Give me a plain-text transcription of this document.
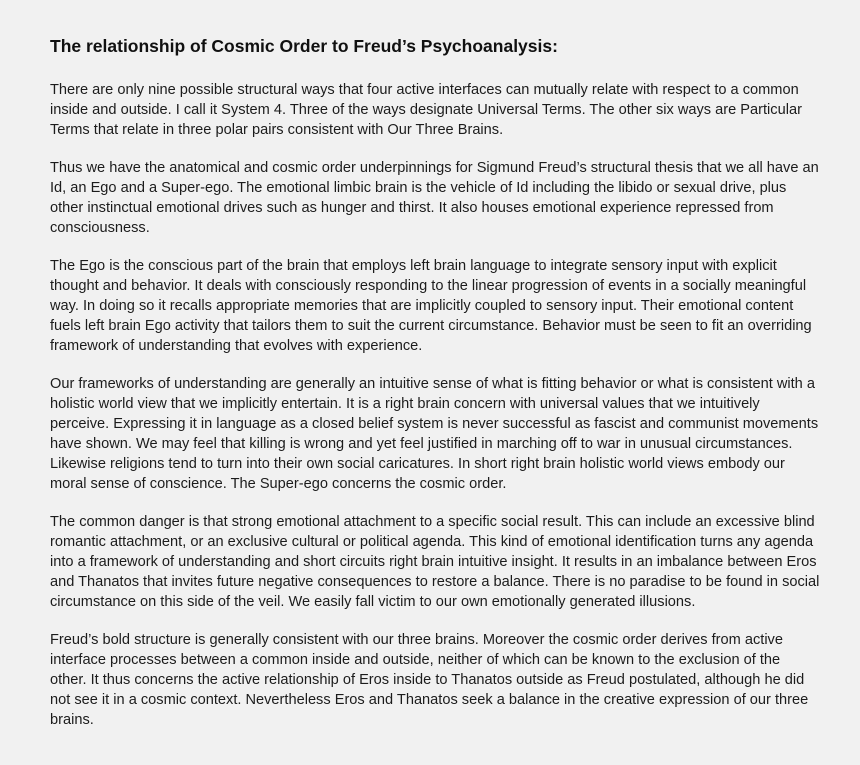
The relationship of Cosmic Order to Freud’s Psychoanalysis:

There are only nine possible structural ways that four active interfaces can mutually relate with respect to a common inside and outside. I call it System 4. Three of the ways designate Universal Terms. The other six ways are Particular Terms that relate in three polar pairs consistent with Our Three Brains.

Thus we have the anatomical and cosmic order underpinnings for Sigmund Freud’s structural thesis that we all have an Id, an Ego and a Super-ego. The emotional limbic brain is the vehicle of Id including the libido or sexual drive, plus other instinctual emotional drives such as hunger and thirst. It also houses emotional experience repressed from consciousness.

The Ego is the conscious part of the brain that employs left brain language to integrate sensory input with explicit thought and behavior. It deals with consciously responding to the linear progression of events in a socially meaningful way. In doing so it recalls appropriate memories that are implicitly coupled to sensory input. Their emotional content fuels left brain Ego activity that tailors them to suit the current circumstance. Behavior must be seen to fit an overriding framework of understanding that evolves with experience.

Our frameworks of understanding are generally an intuitive sense of what is fitting behavior or what is consistent with a holistic world view that we implicitly entertain. It is a right brain concern with universal values that we intuitively perceive. Expressing it in language as a closed belief system is never successful as fascist and communist movements have shown. We may feel that killing is wrong and yet feel justified in marching off to war in unusual circumstances. Likewise religions tend to turn into their own social caricatures. In short right brain holistic world views embody our moral sense of conscience. The Super-ego concerns the cosmic order.

The common danger is that strong emotional attachment to a specific social result. This can include an excessive blind romantic attachment, or an exclusive cultural or political agenda. This kind of emotional identification turns any agenda into a framework of understanding and short circuits right brain intuitive insight. It results in an imbalance between Eros and Thanatos that invites future negative consequences to restore a balance. There is no paradise to be found in social circumstance on this side of the veil. We easily fall victim to our own emotionally generated illusions.

Freud’s bold structure is generally consistent with our three brains. Moreover the cosmic order derives from active interface processes between a common inside and outside, neither of which can be known to the exclusion of the other. It thus concerns the active relationship of Eros inside to Thanatos outside as Freud postulated, although he did not see it in a cosmic context. Nevertheless Eros and Thanatos seek a balance in the creative expression of our three brains.
